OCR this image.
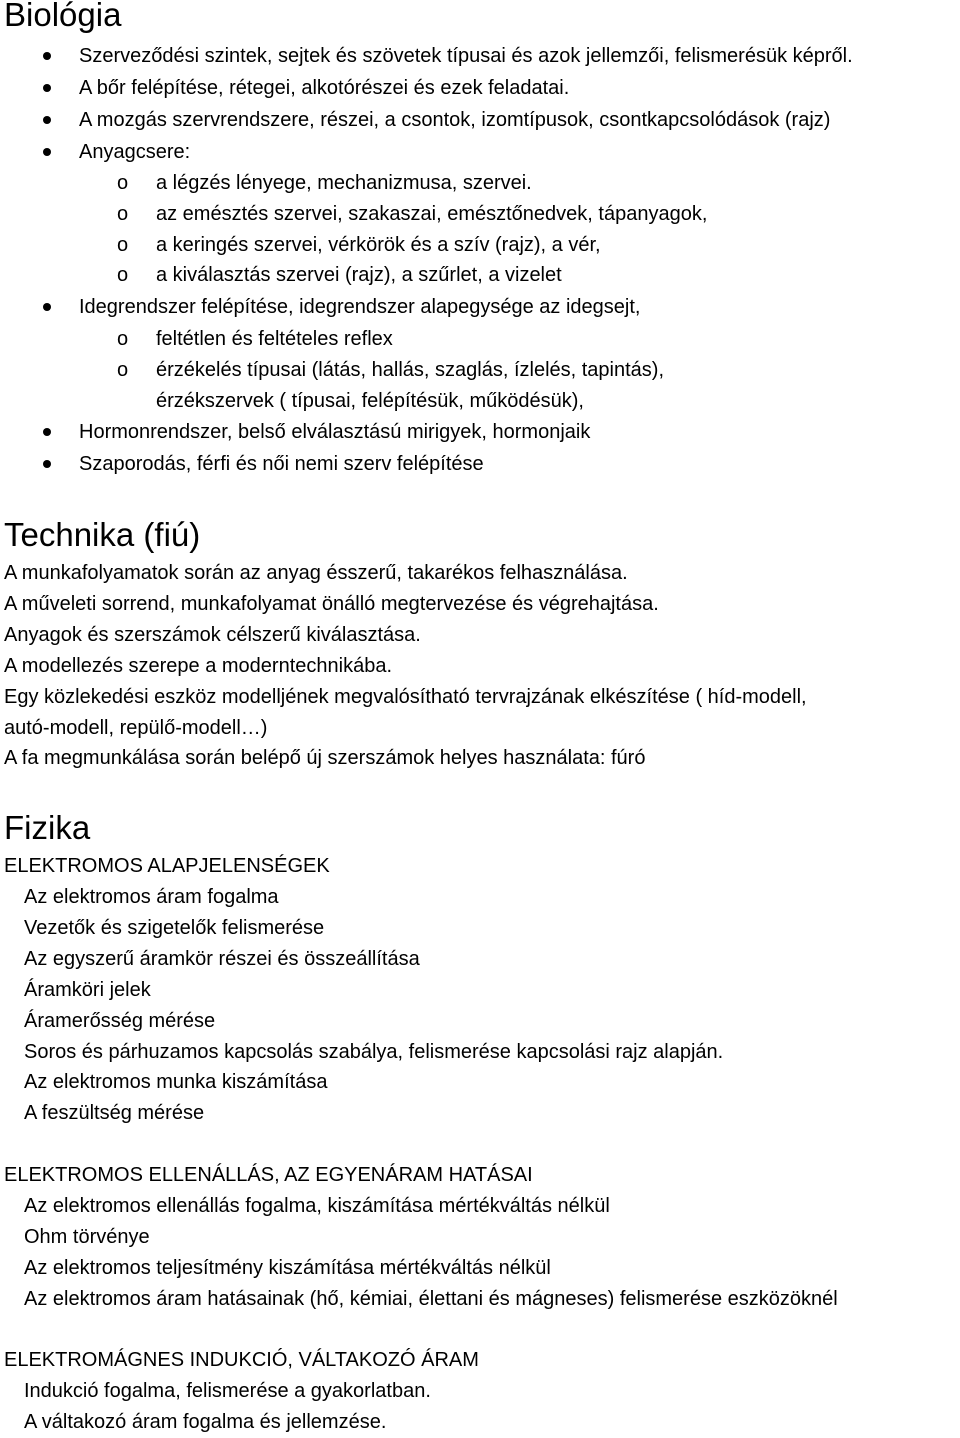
Biológia

Szerveződési szintek, sejtek és szövetek típusai és azok jellemzői, felismerésük képről.

A bőr felépítése, rétegei, alkotórészei és ezek feladatai.

A mozgás szervrendszere, részei, a csontok, izomtípusok, csontkapcsolódások (rajz)

Anyagcsere:

o a légzés lényege, mechanizmusa, szervei.

o az emésztés szervei, szakaszai, emésztőnedvek, tápanyagok,

o a keringés szervei, vérkörök és a szív (rajz), a vér,

o a kiválasztás szervei (rajz), a szűrlet, a vizelet

Idegrendszer felépítése, idegrendszer alapegysége az idegsejt,

o feltétlen és feltételes reflex

o érzékelés típusai (látás, hallás, szaglás, ízlelés, tapintás),

érzékszervek ( típusai, felépítésük, működésük),

Hormonrendszer, belső elválasztású mirigyek, hormonjaik

Szaporodás, férfi és női nemi szerv felépítése

Technika (fiú)

A munkafolyamatok során az anyag ésszerű, takarékos felhasználása.

A műveleti sorrend, munkafolyamat önálló megtervezése és végrehajtása.

Anyagok és szerszámok célszerű kiválasztása.

A modellezés szerepe a moderntechnikába.

Egy közlekedési eszköz modelljének megvalósítható tervrajzának elkészítése ( híd-modell,

autó-modell, repülő-modell…)

A fa megmunkálása során belépő új szerszámok helyes használata: fúró

Fizika

ELEKTROMOS ALAPJELENSÉGEK

Az elektromos áram fogalma

Vezetők és szigetelők felismerése

Az egyszerű áramkör részei és összeállítása

Áramköri jelek

Áramerősség mérése

Soros és párhuzamos kapcsolás szabálya, felismerése kapcsolási rajz alapján.

Az elektromos munka kiszámítása

A feszültség mérése

ELEKTROMOS ELLENÁLLÁS, AZ EGYENÁRAM HATÁSAI

Az elektromos ellenállás fogalma, kiszámítása mértékváltás nélkül

Ohm törvénye

Az elektromos teljesítmény kiszámítása mértékváltás nélkül

Az elektromos áram hatásainak (hő, kémiai, élettani és mágneses) felismerése eszközöknél

ELEKTROMÁGNES INDUKCIÓ, VÁLTAKOZÓ ÁRAM

Indukció fogalma, felismerése a gyakorlatban.

A váltakozó áram fogalma és jellemzése.
